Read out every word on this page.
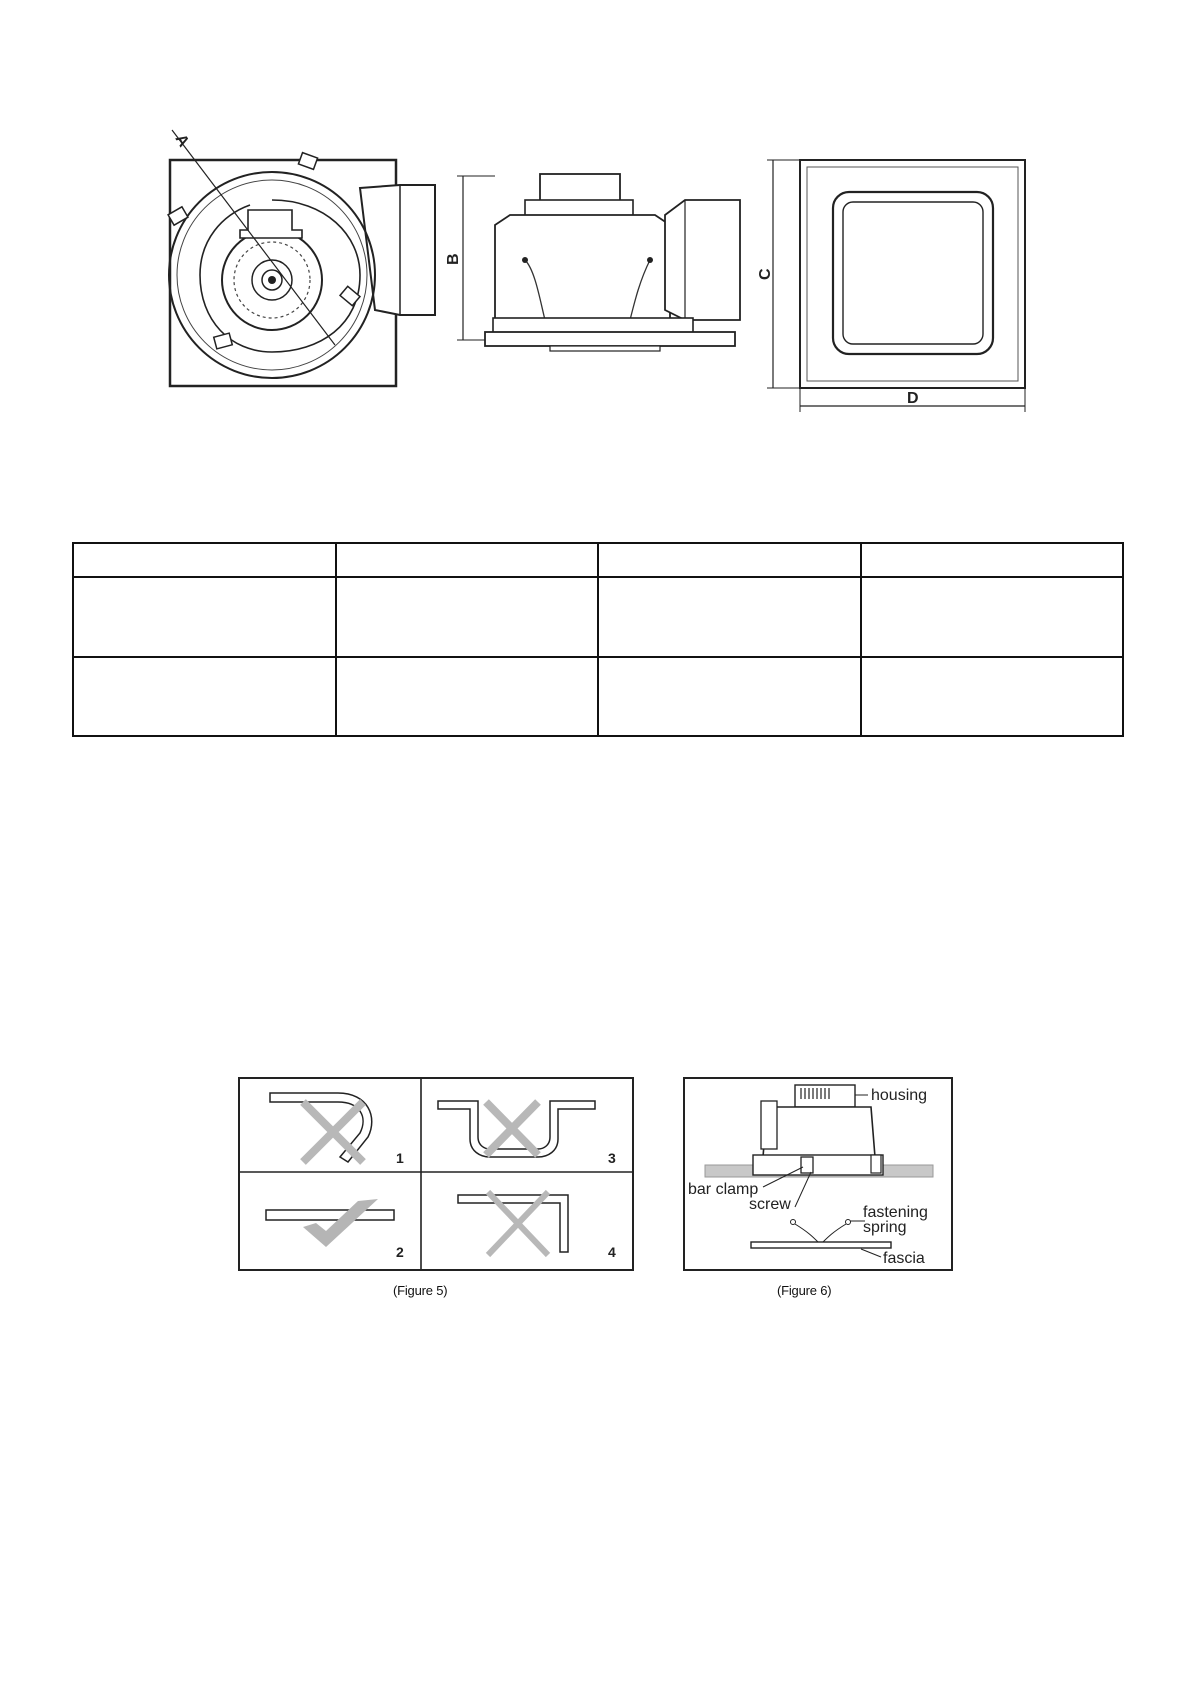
A
B
C
D

1	3
2	4
(Figure 5)
housing
bar clamp
screw	fastening
spring
fascia
(Figure 6)
